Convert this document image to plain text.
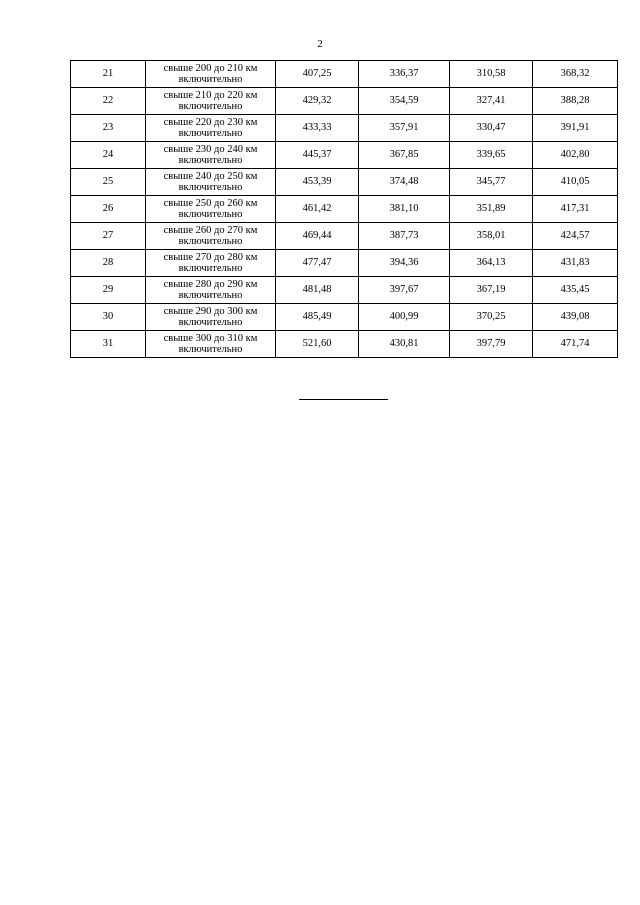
2
21	свыше 200 до 210 км включительно	407,25	336,37	310,58	368,32
22	свыше 210 до 220 км включительно	429,32	354,59	327,41	388,28
23	свыше 220 до 230 км включительно	433,33	357,91	330,47	391,91
24	свыше 230 до 240 км включительно	445,37	367,85	339,65	402,80
25	свыше 240 до 250 км включительно	453,39	374,48	345,77	410,05
26	свыше 250 до 260 км включительно	461,42	381,10	351,89	417,31
27	свыше 260 до 270 км включительно	469,44	387,73	358,01	424,57
28	свыше 270 до 280 км включительно	477,47	394,36	364,13	431,83
29	свыше 280 до 290 км включительно	481,48	397,67	367,19	435,45
30	свыше 290 до 300 км включительно	485,49	400,99	370,25	439,08
31	свыше 300 до 310 км включительно	521,60	430,81	397,79	471,74
